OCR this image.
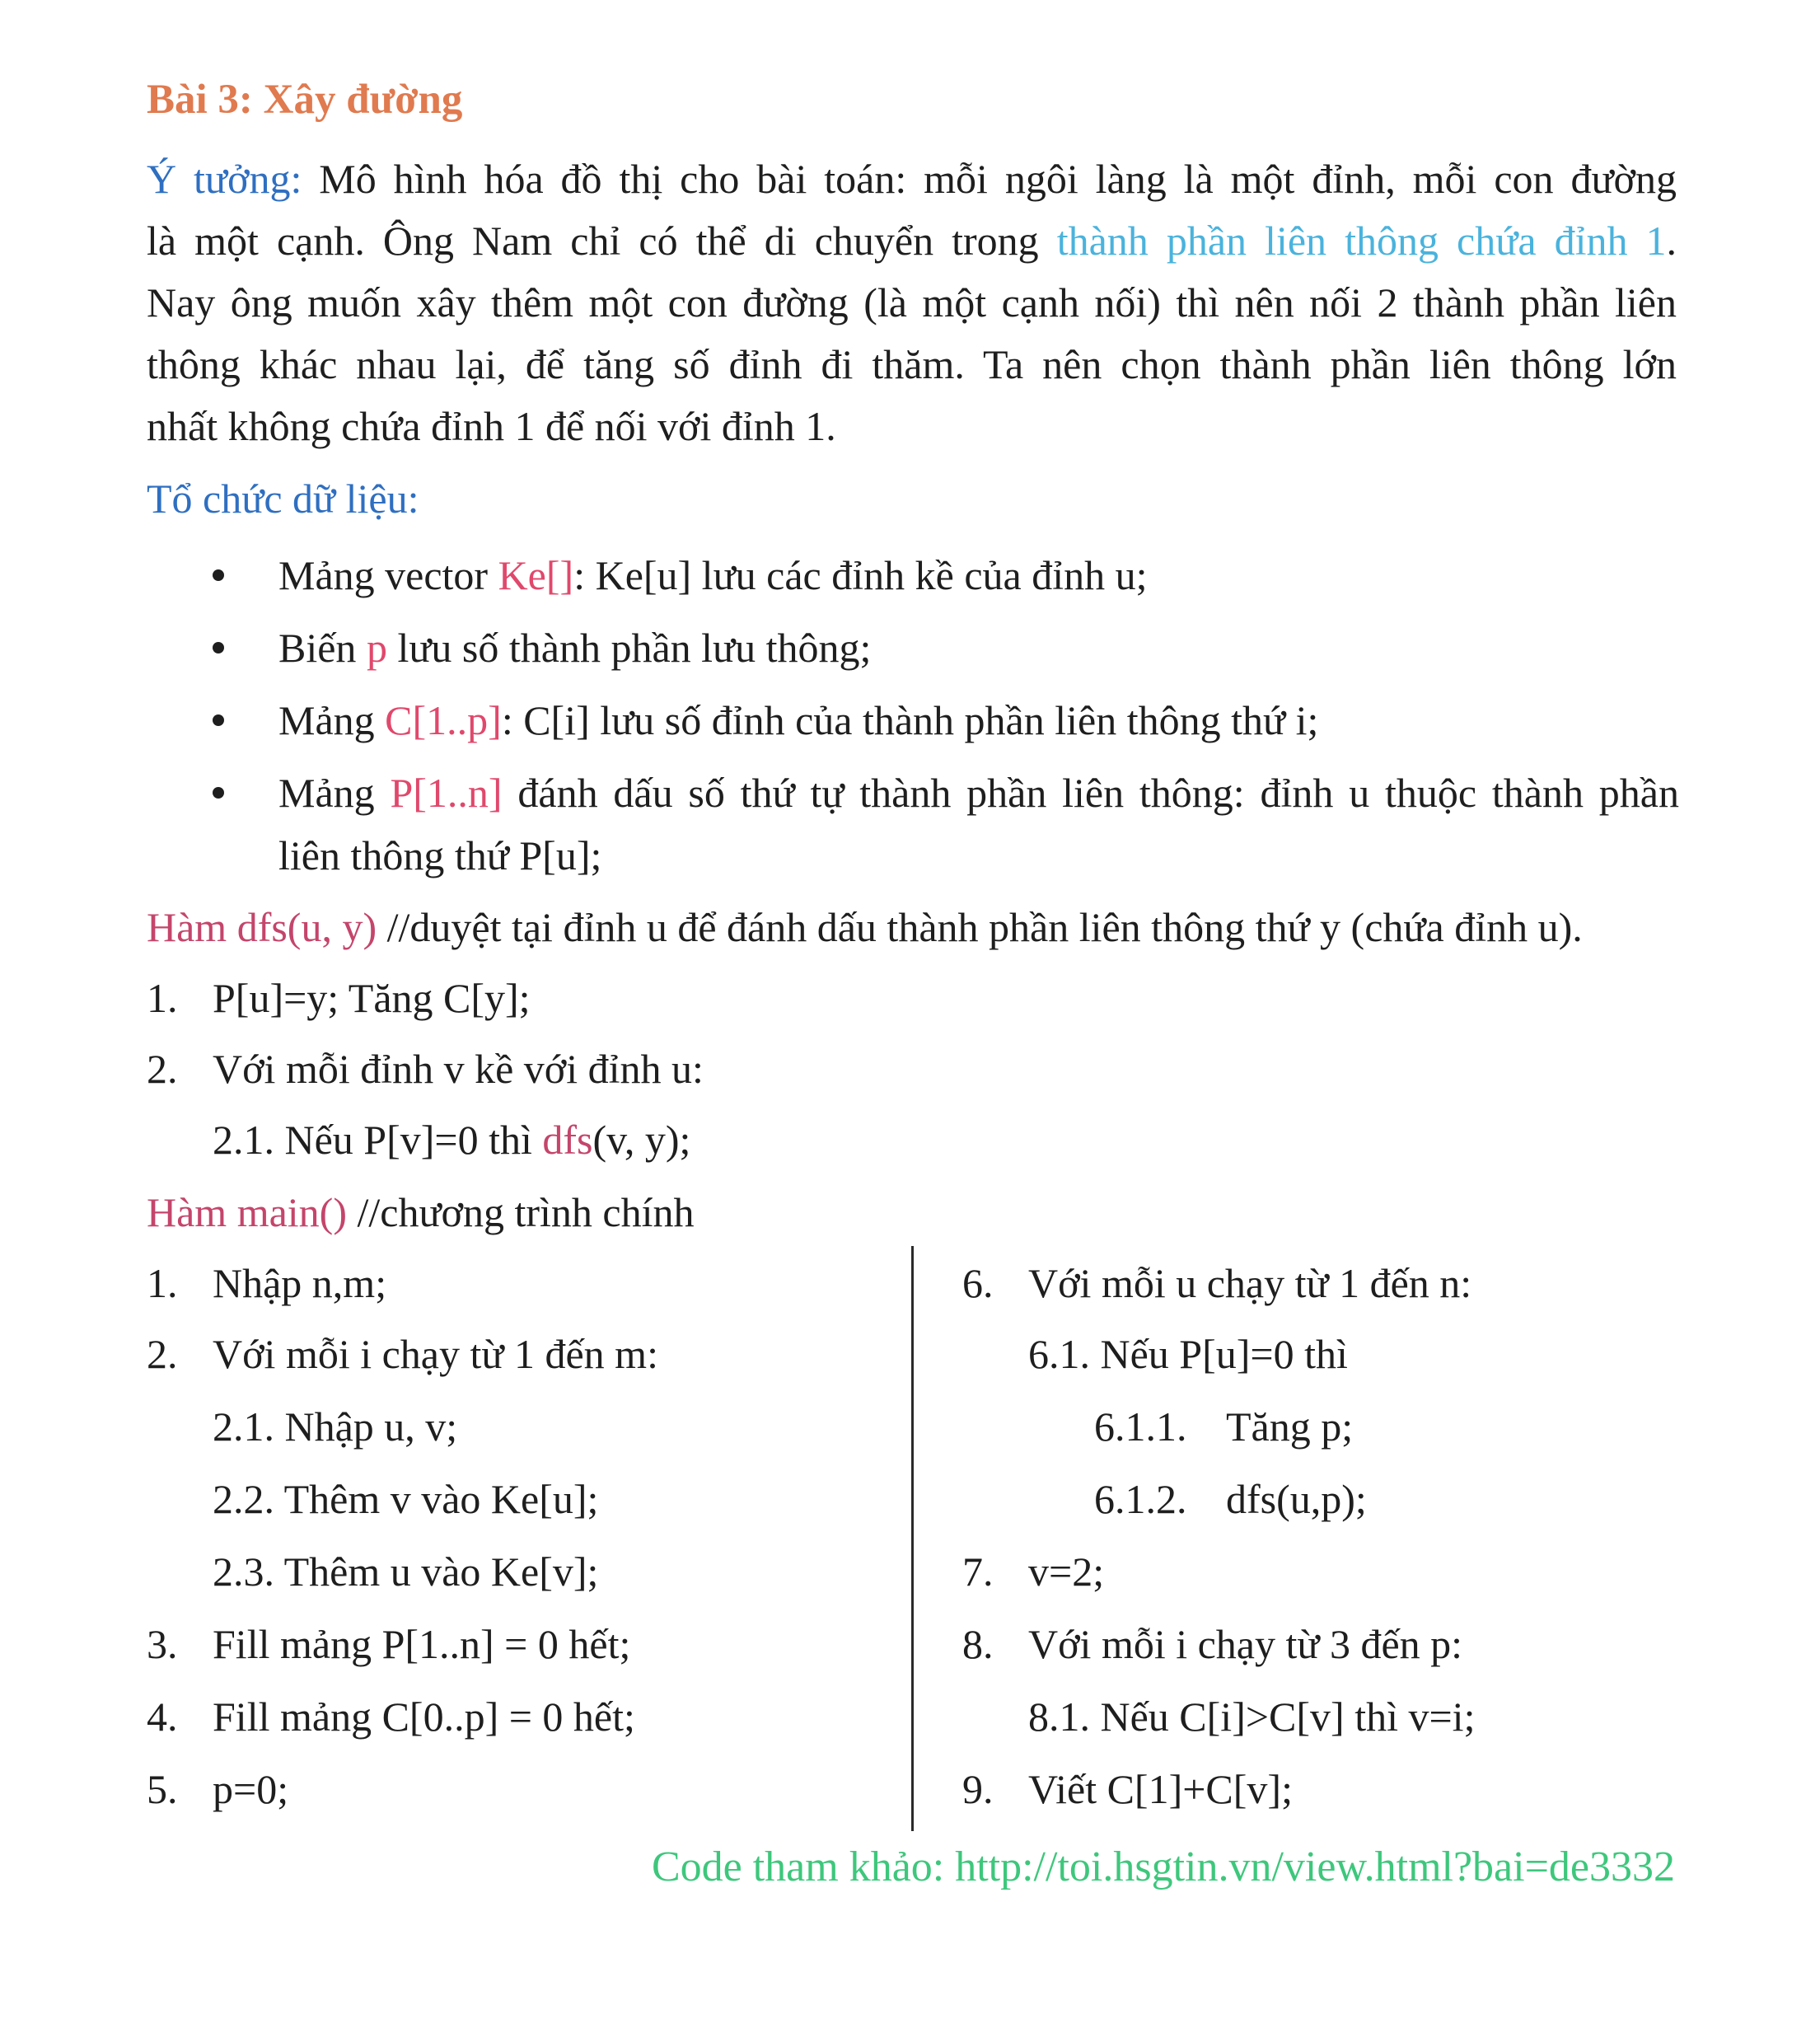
Bài 3: Xây đường
Ý tưởng: Mô hình hóa đồ thị cho bài toán: mỗi ngôi làng là một đỉnh, mỗi con đường
là một cạnh. Ông Nam chỉ có thể di chuyển trong thành phần liên thông chứa đỉnh 1.
Nay ông muốn xây thêm một con đường (là một cạnh nối) thì nên nối 2 thành phần liên
thông khác nhau lại, để tăng số đỉnh đi thăm. Ta nên chọn thành phần liên thông lớn
nhất không chứa đỉnh 1 để nối với đỉnh 1.
Tổ chức dữ liệu:
Mảng vector Ke[]: Ke[u] lưu các đỉnh kề của đỉnh u;
Biến p lưu số thành phần lưu thông;
Mảng C[1..p]: C[i] lưu số đỉnh của thành phần liên thông thứ i;
Mảng P[1..n] đánh dấu số thứ tự thành phần liên thông: đỉnh u thuộc thành phần
liên thông thứ P[u];
Hàm dfs(u, y) //duyệt tại đỉnh u để đánh dấu thành phần liên thông thứ y (chứa đỉnh u).
1. P[u]=y; Tăng C[y];
2. Với mỗi đỉnh v kề với đỉnh u:
2.1. Nếu P[v]=0 thì dfs(v, y);
Hàm main() //chương trình chính
1. Nhập n,m;
2. Với mỗi i chạy từ 1 đến m:
2.1. Nhập u, v;
2.2. Thêm v vào Ke[u];
2.3. Thêm u vào Ke[v];
3. Fill mảng P[1..n] = 0 hết;
4. Fill mảng C[0..p] = 0 hết;
5. p=0;
6. Với mỗi u chạy từ 1 đến n:
6.1. Nếu P[u]=0 thì
6.1.1. Tăng p;
6.1.2. dfs(u,p);
7. v=2;
8. Với mỗi i chạy từ 3 đến p:
8.1. Nếu C[i]>C[v] thì v=i;
9. Viết C[1]+C[v];
Code tham khảo: http://toi.hsgtin.vn/view.html?bai=de3332
